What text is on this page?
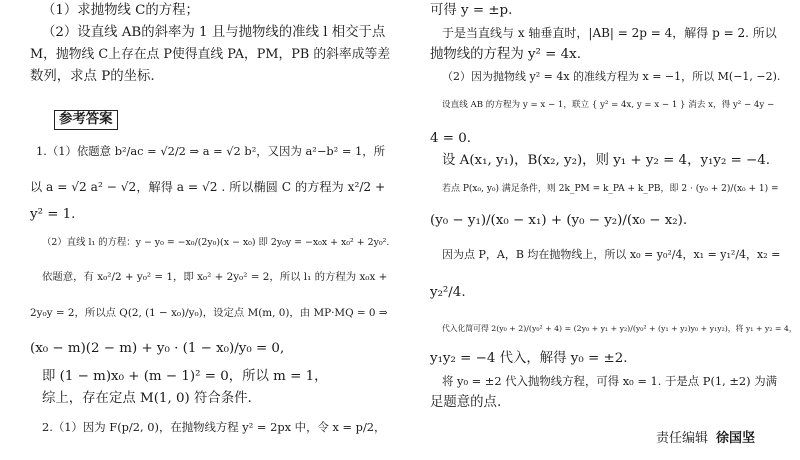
（1）求抛物线 C的方程；
（2）设直线 AB的斜率为 1 且与抛物线的准线 l 相交于点
M，抛物线 C上存在点 P使得直线 PA，PM，PB 的斜率成等差
数列，求点 P的坐标.
参考答案
1.（1）依题意 b²/ac = √2/2 ⇒ a = √2 b²，又因为 a²−b² = 1，所
以 a = √2 a² − √2，解得 a = √2 . 所以椭圆 C 的方程为 x²/2 +
y² = 1.
（2）直线 l₁ 的方程：y − y₀ = −x₀/(2y₀)(x − x₀) 即 2y₀y = −x₀x + x₀² + 2y₀².
依题意，有 x₀²/2 + y₀² = 1，即 x₀² + 2y₀² = 2，所以 l₁ 的方程为 x₀x +
2y₀y = 2，所以点 Q(2, (1 − x₀)/y₀)，设定点 M(m, 0)，由 MP·MQ = 0 ⇒
(x₀ − m)(2 − m) + y₀ · (1 − x₀)/y₀ = 0,
即 (1 − m)x₀ + (m − 1)² = 0，所以 m = 1，
综上，存在定点 M(1, 0) 符合条件.
2.（1）因为 F(p/2, 0)，在抛物线方程 y² = 2px 中，令 x = p/2，
可得 y = ±p.
于是当直线与 x 轴垂直时，|AB| = 2p = 4，解得 p = 2. 所以
抛物线的方程为 y² = 4x.
（2）因为抛物线 y² = 4x 的准线方程为 x = −1，所以 M(−1, −2).
设直线 AB 的方程为 y = x − 1，联立 { y² = 4x, y = x − 1 } 消去 x，得 y² − 4y −
4 = 0.
设 A(x₁, y₁)，B(x₂, y₂)，则 y₁ + y₂ = 4，y₁y₂ = −4.
若点 P(x₀, y₀) 满足条件，则 2k_PM = k_PA + k_PB，即 2 · (y₀ + 2)/(x₀ + 1) =
(y₀ − y₁)/(x₀ − x₁) + (y₀ − y₂)/(x₀ − x₂).
因为点 P，A，B 均在抛物线上，所以 x₀ = y₀²/4，x₁ = y₁²/4，x₂ =
y₂²/4.
代入化简可得 2(y₀ + 2)/(y₀² + 4) = (2y₀ + y₁ + y₂)/(y₀² + (y₁ + y₂)y₀ + y₁y₂)，将 y₁ + y₂ = 4，
y₁y₂ = −4 代入，解得 y₀ = ±2.
将 y₀ = ±2 代入抛物线方程，可得 x₀ = 1. 于是点 P(1, ±2) 为满
足题意的点.
责任编辑 徐国坚
